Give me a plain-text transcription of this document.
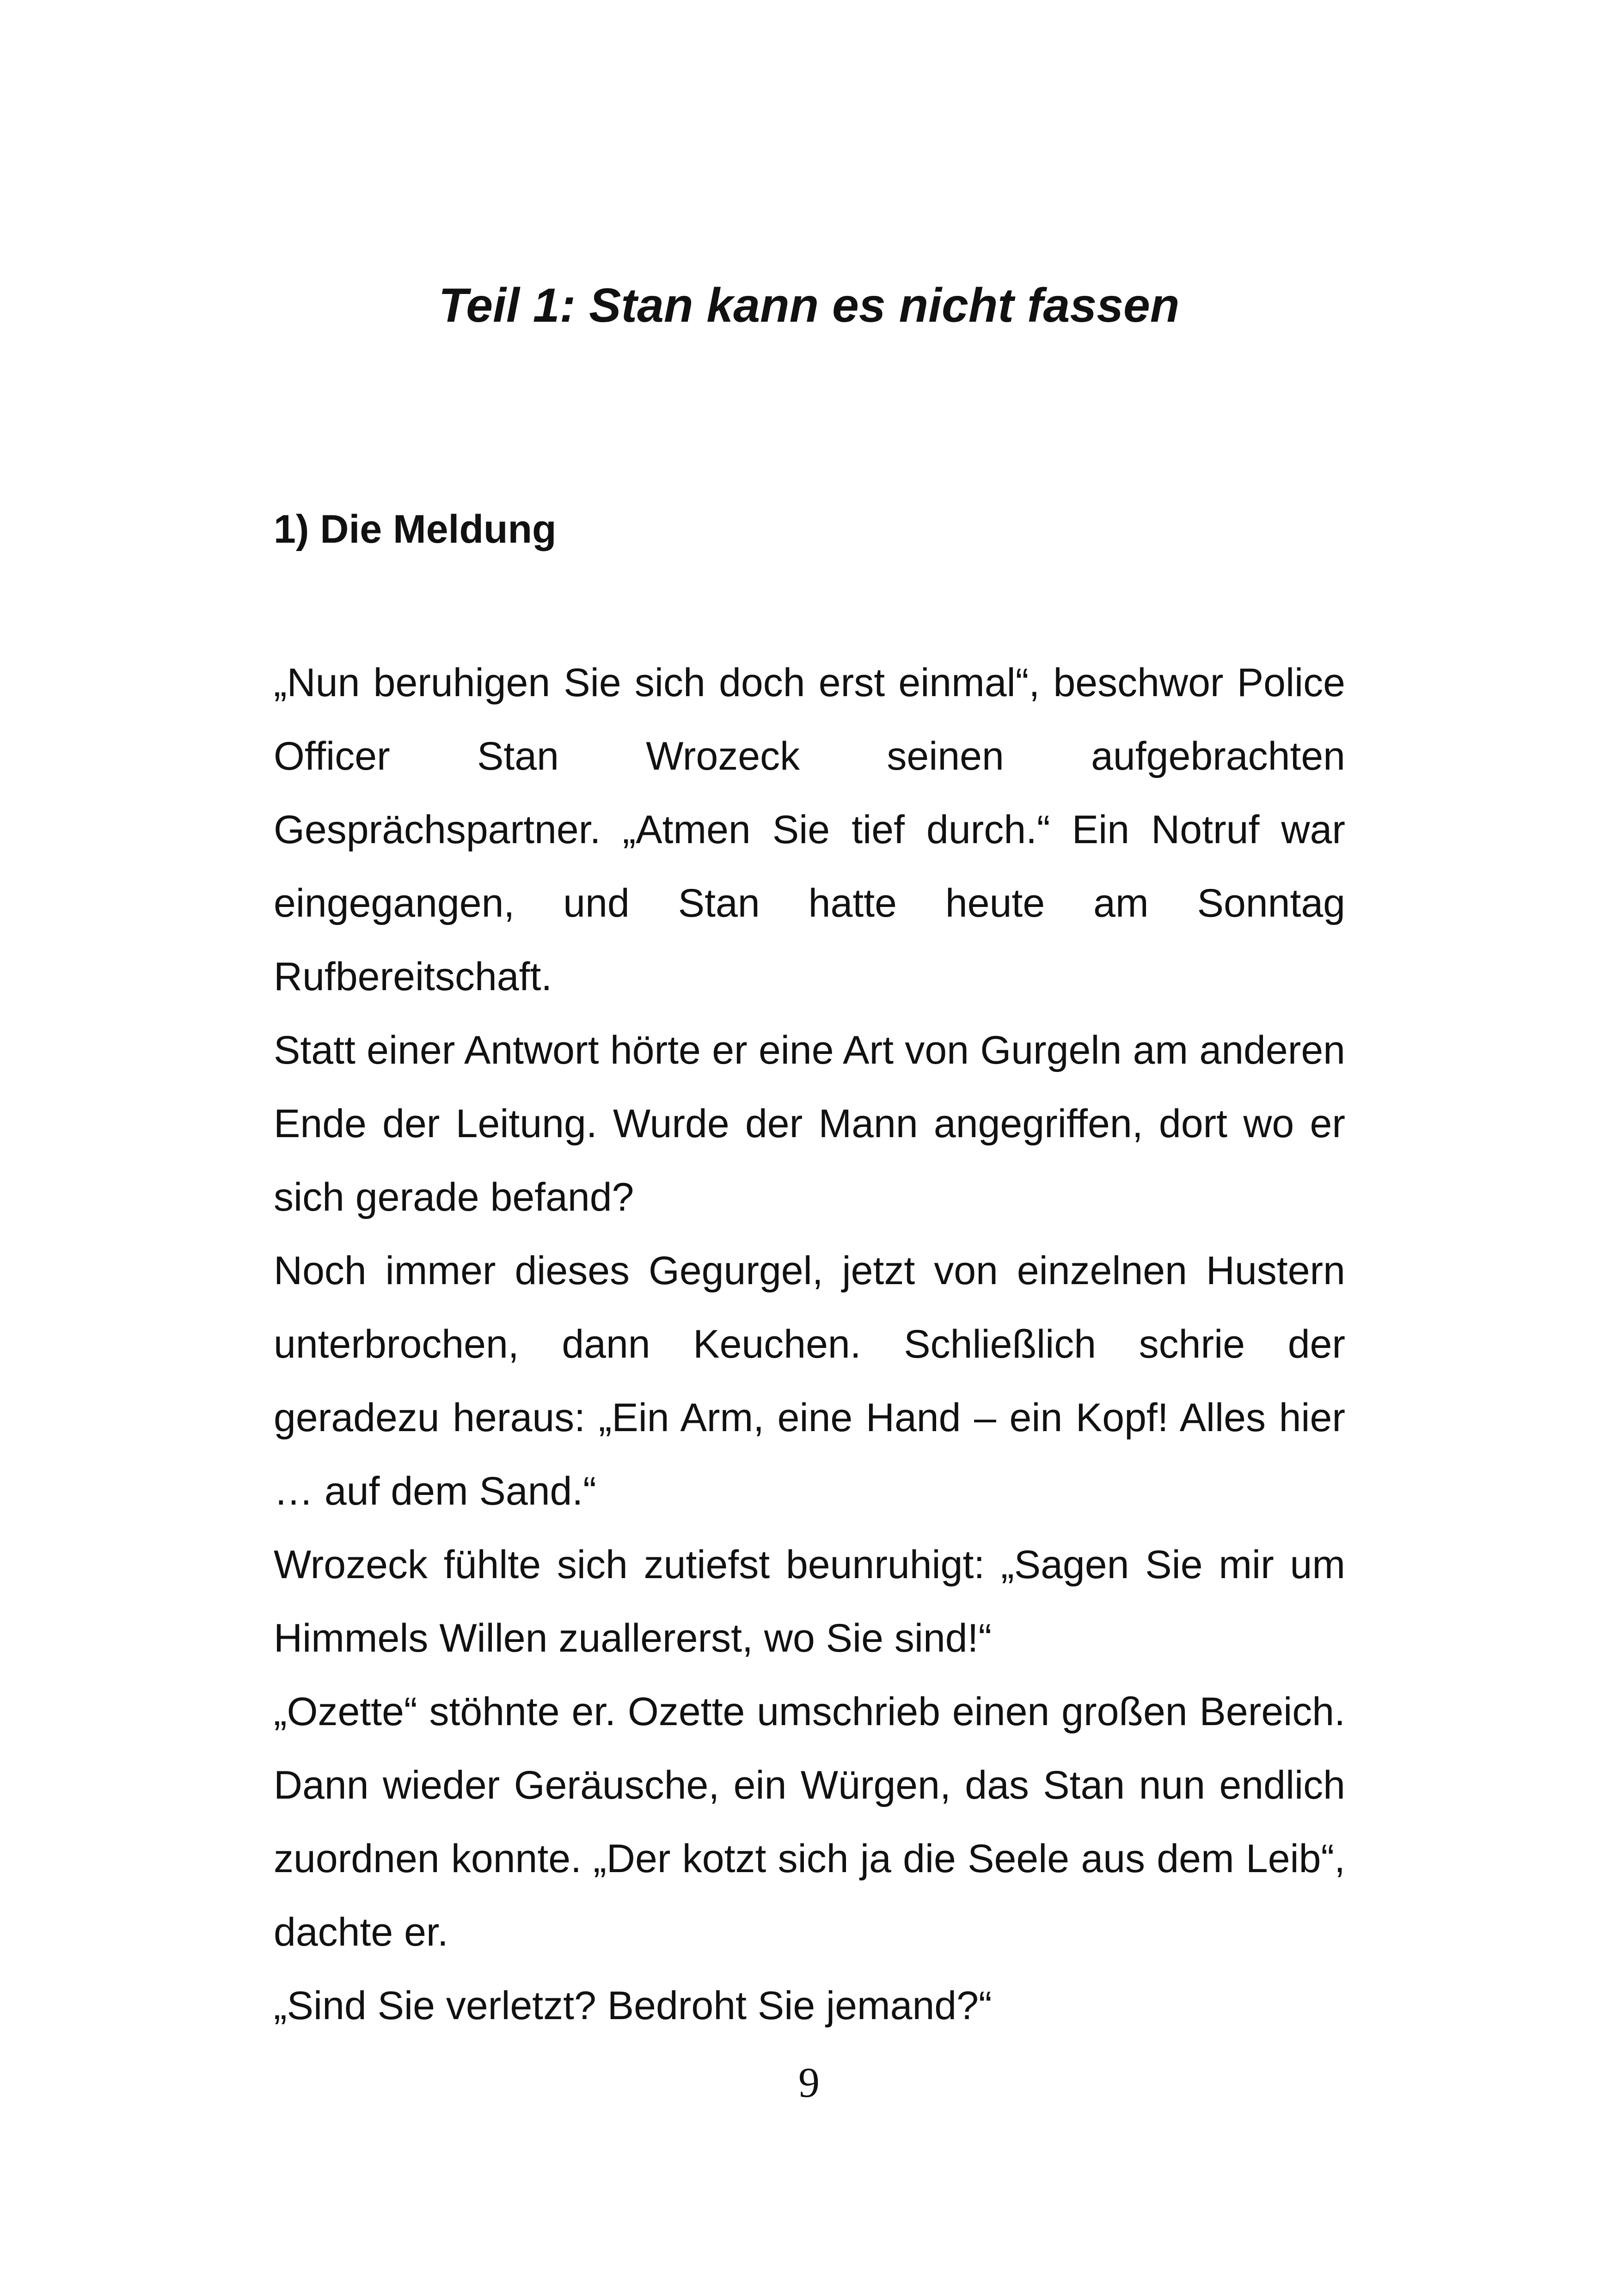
Teil 1: Stan kann es nicht fassen
1) Die Meldung

„Nun beruhigen Sie sich doch erst einmal“, beschwor Police Officer Stan Wrozeck seinen aufgebrachten Gesprächspartner. „Atmen Sie tief durch.“ Ein Notruf war eingegangen, und Stan hatte heute am Sonntag Rufbereitschaft.

Statt einer Antwort hörte er eine Art von Gurgeln am anderen Ende der Leitung. Wurde der Mann angegriffen, dort wo er sich gerade befand?

Noch immer dieses Gegurgel, jetzt von einzelnen Hustern unterbrochen, dann Keuchen. Schließlich schrie der geradezu heraus: „Ein Arm, eine Hand – ein Kopf! Alles hier … auf dem Sand.“

Wrozeck fühlte sich zutiefst beunruhigt: „Sagen Sie mir um Himmels Willen zuallererst, wo Sie sind!“

„Ozette“ stöhnte er. Ozette umschrieb einen großen Bereich. Dann wieder Geräusche, ein Würgen, das Stan nun endlich zuordnen konnte. „Der kotzt sich ja die Seele aus dem Leib“, dachte er.

„Sind Sie verletzt? Bedroht Sie jemand?“

9
